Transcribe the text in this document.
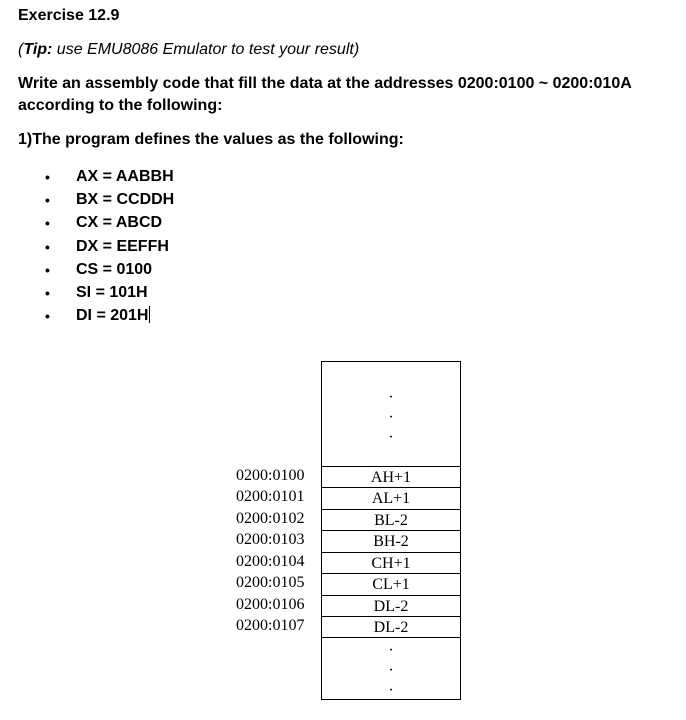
Exercise 12.9
(Tip: use EMU8086 Emulator to test your result)
Write an assembly code that fill the data at the addresses 0200:0100 ~ 0200:010A according to the following:
1)The program defines the values as the following:
• AX = AABBH
• BX = CCDDH
• CX = ABCD
• DX = EEFFH
• CS = 0100
• SI = 101H
• DI = 201H
·
·
·
AH+1
AL+1
BL-2
BH-2
CH+1
CL+1
DL-2
DL-2
·
·
·
0200:0100
0200:0101
0200:0102
0200:0103
0200:0104
0200:0105
0200:0106
0200:0107
